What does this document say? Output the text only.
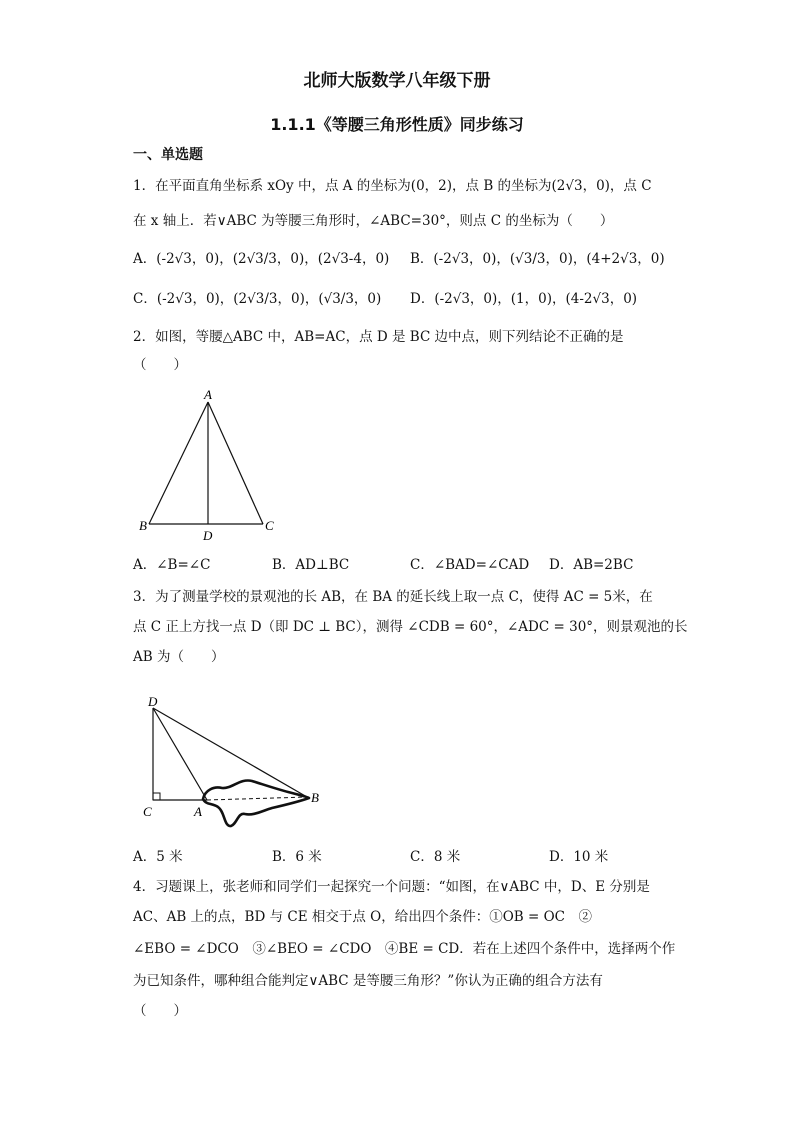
北师大版数学八年级下册
1.1.1《等腰三角形性质》同步练习
一、单选题
1．在平面直角坐标系 xOy 中，点 A 的坐标为(0，2)，点 B 的坐标为(2√3，0)，点 C
在 x 轴上．若∨ABC 为等腰三角形时，∠ABC=30°，则点 C 的坐标为（　　）
A．(-2√3，0)，(2√3/3，0)，(2√3-4，0) B．(-2√3，0)，(√3/3，0)，(4+2√3，0)
C．(-2√3，0)，(2√3/3，0)，(√3/3，0) D．(-2√3，0)，(1，0)，(4-2√3，0)
2．如图，等腰△ABC 中，AB=AC，点 D 是 BC 边中点，则下列结论不正确的是
（　　）
A
B	C
D
A．∠B=∠C	B．AD⊥BC	C．∠BAD=∠CAD D．AB=2BC
3．为了测量学校的景观池的长 AB，在 BA 的延长线上取一点 C，使得 AC = 5米，在
点 C 正上方找一点 D（即 DC ⊥ BC），测得 ∠CDB = 60°，∠ADC = 30°，则景观池的长
AB 为（　　）
D
C	A
B
A．5 米	B．6 米	C．8 米	D．10 米
4．习题课上，张老师和同学们一起探究一个问题：“如图，在∨ABC 中，D、E 分别是
AC、AB 上的点，BD 与 CE 相交于点 O，给出四个条件：①OB = OC　②
∠EBO = ∠DCO　③∠BEO = ∠CDO　④BE = CD．若在上述四个条件中，选择两个作
为已知条件，哪种组合能判定∨ABC 是等腰三角形？”你认为正确的组合方法有
（　　）
